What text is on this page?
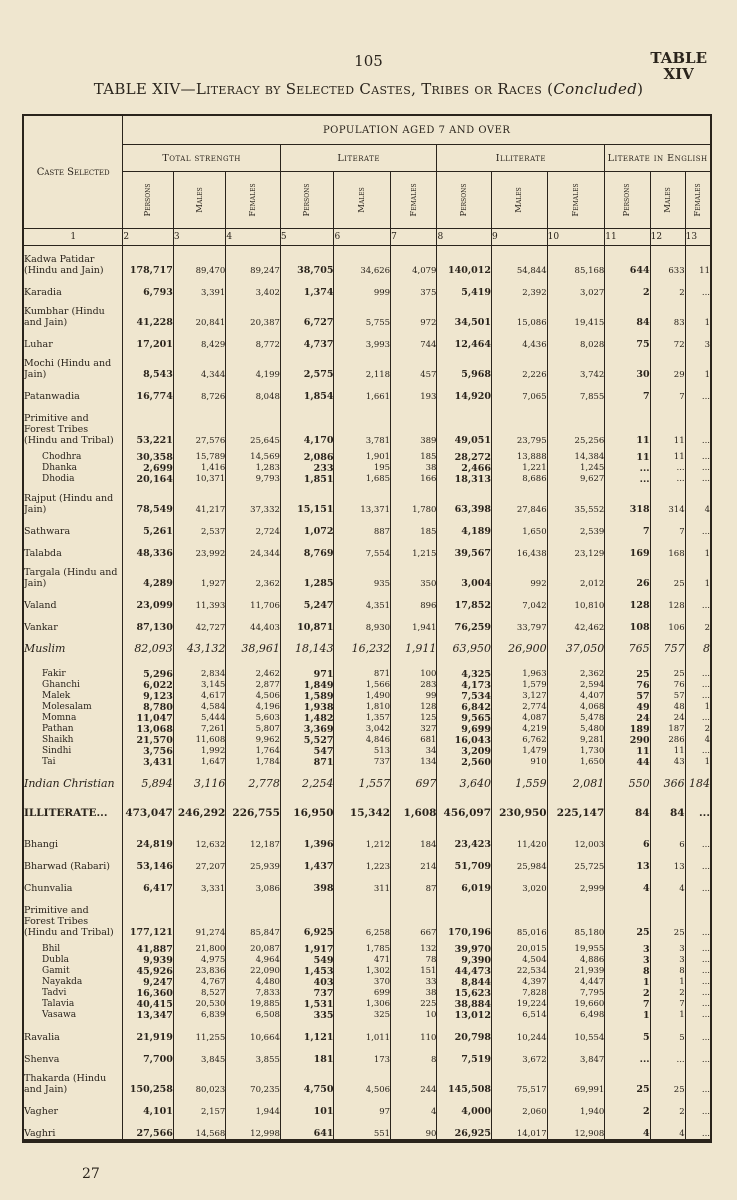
105	TABLE
XIV
TABLE XIV—Literacy by Selected Castes, Tribes or Races (Concluded)
Caste Selected	POPULATION AGED 7 AND OVER											
	Total strength			Literate			Illiterate			Literate in English		

	Persons	Males	Females	Persons	Males	Females	Persons	Males	Females	Persons	Males	Females

1	2	3	4	5	6	7	8	9	10	11	12	13
Kadwa Patidar (Hindu and Jain)	178,717	89,470	89,247	38,705	34,626	4,079	140,012	54,844	85,168	644	633	11
Karadia	6,793	3,391	3,402	1,374	999	375	5,419	2,392	3,027	2	2	...
Kumbhar (Hindu and Jain)	41,228	20,841	20,387	6,727	5,755	972	34,501	15,086	19,415	84	83	1
Luhar	17,201	8,429	8,772	4,737	3,993	744	12,464	4,436	8,028	75	72	3
Mochi (Hindu and Jain)	8,543	4,344	4,199	2,575	2,118	457	5,968	2,226	3,742	30	29	1
Patanwadia	16,774	8,726	8,048	1,854	1,661	193	14,920	7,065	7,855	7	7	...
Primitive and Forest Tribes (Hindu and Tribal)	53,221	27,576	25,645	4,170	3,781	389	49,051	23,795	25,256	11	11	...

Chodhra	30,358	15,789	14,569	2,086	1,901	185	28,272	13,888	14,384	11	11	...
Dhanka	2,699	1,416	1,283	233	195	38	2,466	1,221	1,245	...	...	...
Dhodia	20,164	10,371	9,793	1,851	1,685	166	18,313	8,686	9,627	...	...	...
Rajput (Hindu and Jain)	78,549	41,217	37,332	15,151	13,371	1,780	63,398	27,846	35,552	318	314	4
Sathwara	5,261	2,537	2,724	1,072	887	185	4,189	1,650	2,539	7	7	...
Talabda	48,336	23,992	24,344	8,769	7,554	1,215	39,567	16,438	23,129	169	168	1
Targala (Hindu and Jain)	4,289	1,927	2,362	1,285	935	350	3,004	992	2,012	26	25	1
Valand	23,099	11,393	11,706	5,247	4,351	896	17,852	7,042	10,810	128	128	...
Vankar	87,130	42,727	44,403	10,871	8,930	1,941	76,259	33,797	42,462	108	106	2
Muslim	82,093	43,132	38,961	18,143	16,232	1,911	63,950	26,900	37,050	765	757	8

Fakir	5,296	2,834	2,462	971	871	100	4,325	1,963	2,362	25	25	...
Ghanchi	6,022	3,145	2,877	1,849	1,566	283	4,173	1,579	2,594	76	76	...
Malek	9,123	4,617	4,506	1,589	1,490	99	7,534	3,127	4,407	57	57	...
Molesalam	8,780	4,584	4,196	1,938	1,810	128	6,842	2,774	4,068	49	48	1
Momna	11,047	5,444	5,603	1,482	1,357	125	9,565	4,087	5,478	24	24	...
Pathan	13,068	7,261	5,807	3,369	3,042	327	9,699	4,219	5,480	189	187	2
Shaikh	21,570	11,608	9,962	5,527	4,846	681	16,043	6,762	9,281	290	286	4
Sindhi	3,756	1,992	1,764	547	513	34	3,209	1,479	1,730	11	11	...
Tai	3,431	1,647	1,784	871	737	134	2,560	910	1,650	44	43	1
Indian Christian	5,894	3,116	2,778	2,254	1,557	697	3,640	1,559	2,081	550	366	184
ILLITERATE...	473,047	246,292	226,755	16,950	15,342	1,608	456,097	230,950	225,147	84	84	...
Bhangi	24,819	12,632	12,187	1,396	1,212	184	23,423	11,420	12,003	6	6	...
Bharwad (Rabari)	53,146	27,207	25,939	1,437	1,223	214	51,709	25,984	25,725	13	13	...
Chunvalia	6,417	3,331	3,086	398	311	87	6,019	3,020	2,999	4	4	...
Primitive and Forest Tribes (Hindu and Tribal)	177,121	91,274	85,847	6,925	6,258	667	170,196	85,016	85,180	25	25	...

Bhil	41,887	21,800	20,087	1,917	1,785	132	39,970	20,015	19,955	3	3	...
Dubla	9,939	4,975	4,964	549	471	78	9,390	4,504	4,886	3	3	...
Gamit	45,926	23,836	22,090	1,453	1,302	151	44,473	22,534	21,939	8	8	...
Nayakda	9,247	4,767	4,480	403	370	33	8,844	4,397	4,447	1	1	...
Tadvi	16,360	8,527	7,833	737	699	38	15,623	7,828	7,795	2	2	...
Talavia	40,415	20,530	19,885	1,531	1,306	225	38,884	19,224	19,660	7	7	...
Vasawa	13,347	6,839	6,508	335	325	10	13,012	6,514	6,498	1	1	...
Ravalia	21,919	11,255	10,664	1,121	1,011	110	20,798	10,244	10,554	5	5	...
Shenva	7,700	3,845	3,855	181	173	8	7,519	3,672	3,847	...	...	...
Thakarda (Hindu and Jain)	150,258	80,023	70,235	4,750	4,506	244	145,508	75,517	69,991	25	25	...
Vagher	4,101	2,157	1,944	101	97	4	4,000	2,060	1,940	2	2	...
Vaghri	27,566	14,568	12,998	641	551	90	26,925	14,017	12,908	4	4	...
27
